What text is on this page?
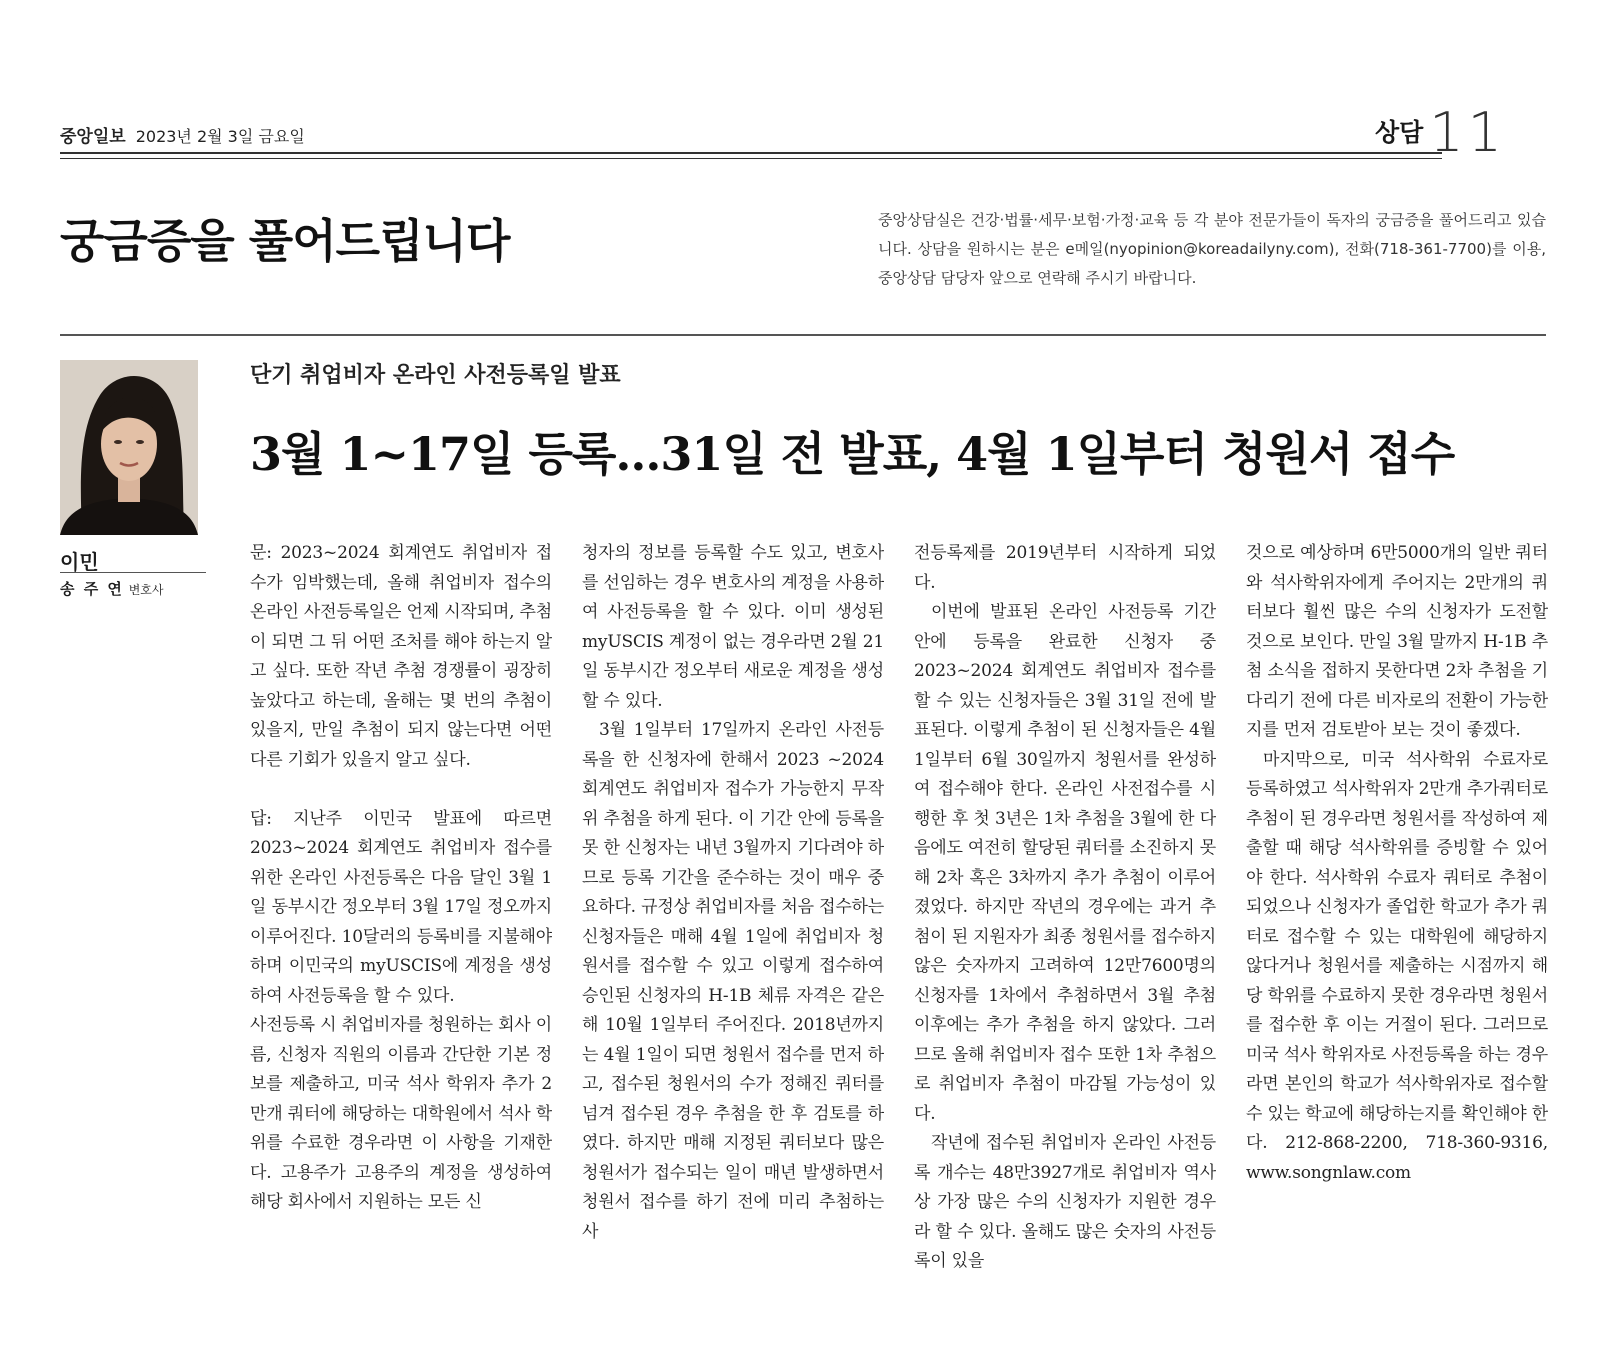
중앙일보 2023년 2월 3일 금요일	상담 11
궁금증을 풀어드립니다	중앙상담실은 건강·법률·세무·보험·가정·교육 등 각 분야 전문가들이 독자의 궁금증을 풀어드리고 있습니다. 상담을 원하시는 분은 e메일(nyopinion@koreadailyny.com), 전화(718-361-7700)를 이용, 중앙상담 담당자 앞으로 연락해 주시기 바랍니다.
이민
송 주 연 변호사
단기 취업비자 온라인 사전등록일 발표
3월 1~17일 등록…31일 전 발표, 4월 1일부터 청원서 접수

문: 2023~2024 회계연도 취업비자 접수가 임박했는데, 올해 취업비자 접수의 온라인 사전등록일은 언제 시작되며, 추첨이 되면 그 뒤 어떤 조처를 해야 하는지 알고 싶다. 또한 작년 추첨 경쟁률이 굉장히 높았다고 하는데, 올해는 몇 번의 추첨이 있을지, 만일 추첨이 되지 않는다면 어떤 다른 기회가 있을지 알고 싶다.

답: 지난주 이민국 발표에 따르면 2023~2024 회계연도 취업비자 접수를 위한 온라인 사전등록은 다음 달인 3월 1일 동부시간 정오부터 3월 17일 정오까지 이루어진다. 10달러의 등록비를 지불해야 하며 이민국의 myUSCIS에 계정을 생성하여 사전등록을 할 수 있다.

사전등록 시 취업비자를 청원하는 회사 이름, 신청자 직원의 이름과 간단한 기본 정보를 제출하고, 미국 석사 학위자 추가 2만개 쿼터에 해당하는 대학원에서 석사 학위를 수료한 경우라면 이 사항을 기재한다. 고용주가 고용주의 계정을 생성하여 해당 회사에서 지원하는 모든 신

청자의 정보를 등록할 수도 있고, 변호사를 선임하는 경우 변호사의 계정을 사용하여 사전등록을 할 수 있다. 이미 생성된 myUSCIS 계정이 없는 경우라면 2월 21일 동부시간 정오부터 새로운 계정을 생성할 수 있다.

3월 1일부터 17일까지 온라인 사전등록을 한 신청자에 한해서 2023 ~2024 회계연도 취업비자 접수가 가능한지 무작위 추첨을 하게 된다. 이 기간 안에 등록을 못 한 신청자는 내년 3월까지 기다려야 하므로 등록 기간을 준수하는 것이 매우 중요하다. 규정상 취업비자를 처음 접수하는 신청자들은 매해 4월 1일에 취업비자 청원서를 접수할 수 있고 이렇게 접수하여 승인된 신청자의 H-1B 체류 자격은 같은 해 10월 1일부터 주어진다. 2018년까지는 4월 1일이 되면 청원서 접수를 먼저 하고, 접수된 청원서의 수가 정해진 쿼터를 넘겨 접수된 경우 추첨을 한 후 검토를 하였다. 하지만 매해 지정된 쿼터보다 많은 청원서가 접수되는 일이 매년 발생하면서 청원서 접수를 하기 전에 미리 추첨하는 사

전등록제를 2019년부터 시작하게 되었다.

이번에 발표된 온라인 사전등록 기간 안에 등록을 완료한 신청자 중 2023~2024 회계연도 취업비자 접수를 할 수 있는 신청자들은 3월 31일 전에 발표된다. 이렇게 추첨이 된 신청자들은 4월 1일부터 6월 30일까지 청원서를 완성하여 접수해야 한다. 온라인 사전접수를 시행한 후 첫 3년은 1차 추첨을 3월에 한 다음에도 여전히 할당된 쿼터를 소진하지 못해 2차 혹은 3차까지 추가 추첨이 이루어졌었다. 하지만 작년의 경우에는 과거 추첨이 된 지원자가 최종 청원서를 접수하지 않은 숫자까지 고려하여 12만7600명의 신청자를 1차에서 추첨하면서 3월 추첨 이후에는 추가 추첨을 하지 않았다. 그러므로 올해 취업비자 접수 또한 1차 추첨으로 취업비자 추첨이 마감될 가능성이 있다.

작년에 접수된 취업비자 온라인 사전등록 개수는 48만3927개로 취업비자 역사상 가장 많은 수의 신청자가 지원한 경우라 할 수 있다. 올해도 많은 숫자의 사전등록이 있을

것으로 예상하며 6만5000개의 일반 쿼터와 석사학위자에게 주어지는 2만개의 쿼터보다 훨씬 많은 수의 신청자가 도전할 것으로 보인다. 만일 3월 말까지 H-1B 추첨 소식을 접하지 못한다면 2차 추첨을 기다리기 전에 다른 비자로의 전환이 가능한지를 먼저 검토받아 보는 것이 좋겠다.

마지막으로, 미국 석사학위 수료자로 등록하였고 석사학위자 2만개 추가쿼터로 추첨이 된 경우라면 청원서를 작성하여 제출할 때 해당 석사학위를 증빙할 수 있어야 한다. 석사학위 수료자 쿼터로 추첨이 되었으나 신청자가 졸업한 학교가 추가 쿼터로 접수할 수 있는 대학원에 해당하지 않다거나 청원서를 제출하는 시점까지 해당 학위를 수료하지 못한 경우라면 청원서를 접수한 후 이는 거절이 된다. 그러므로 미국 석사 학위자로 사전등록을 하는 경우라면 본인의 학교가 석사학위자로 접수할 수 있는 학교에 해당하는지를 확인해야 한다. 212-868-2200, 718-360-9316, www.songnlaw.com
